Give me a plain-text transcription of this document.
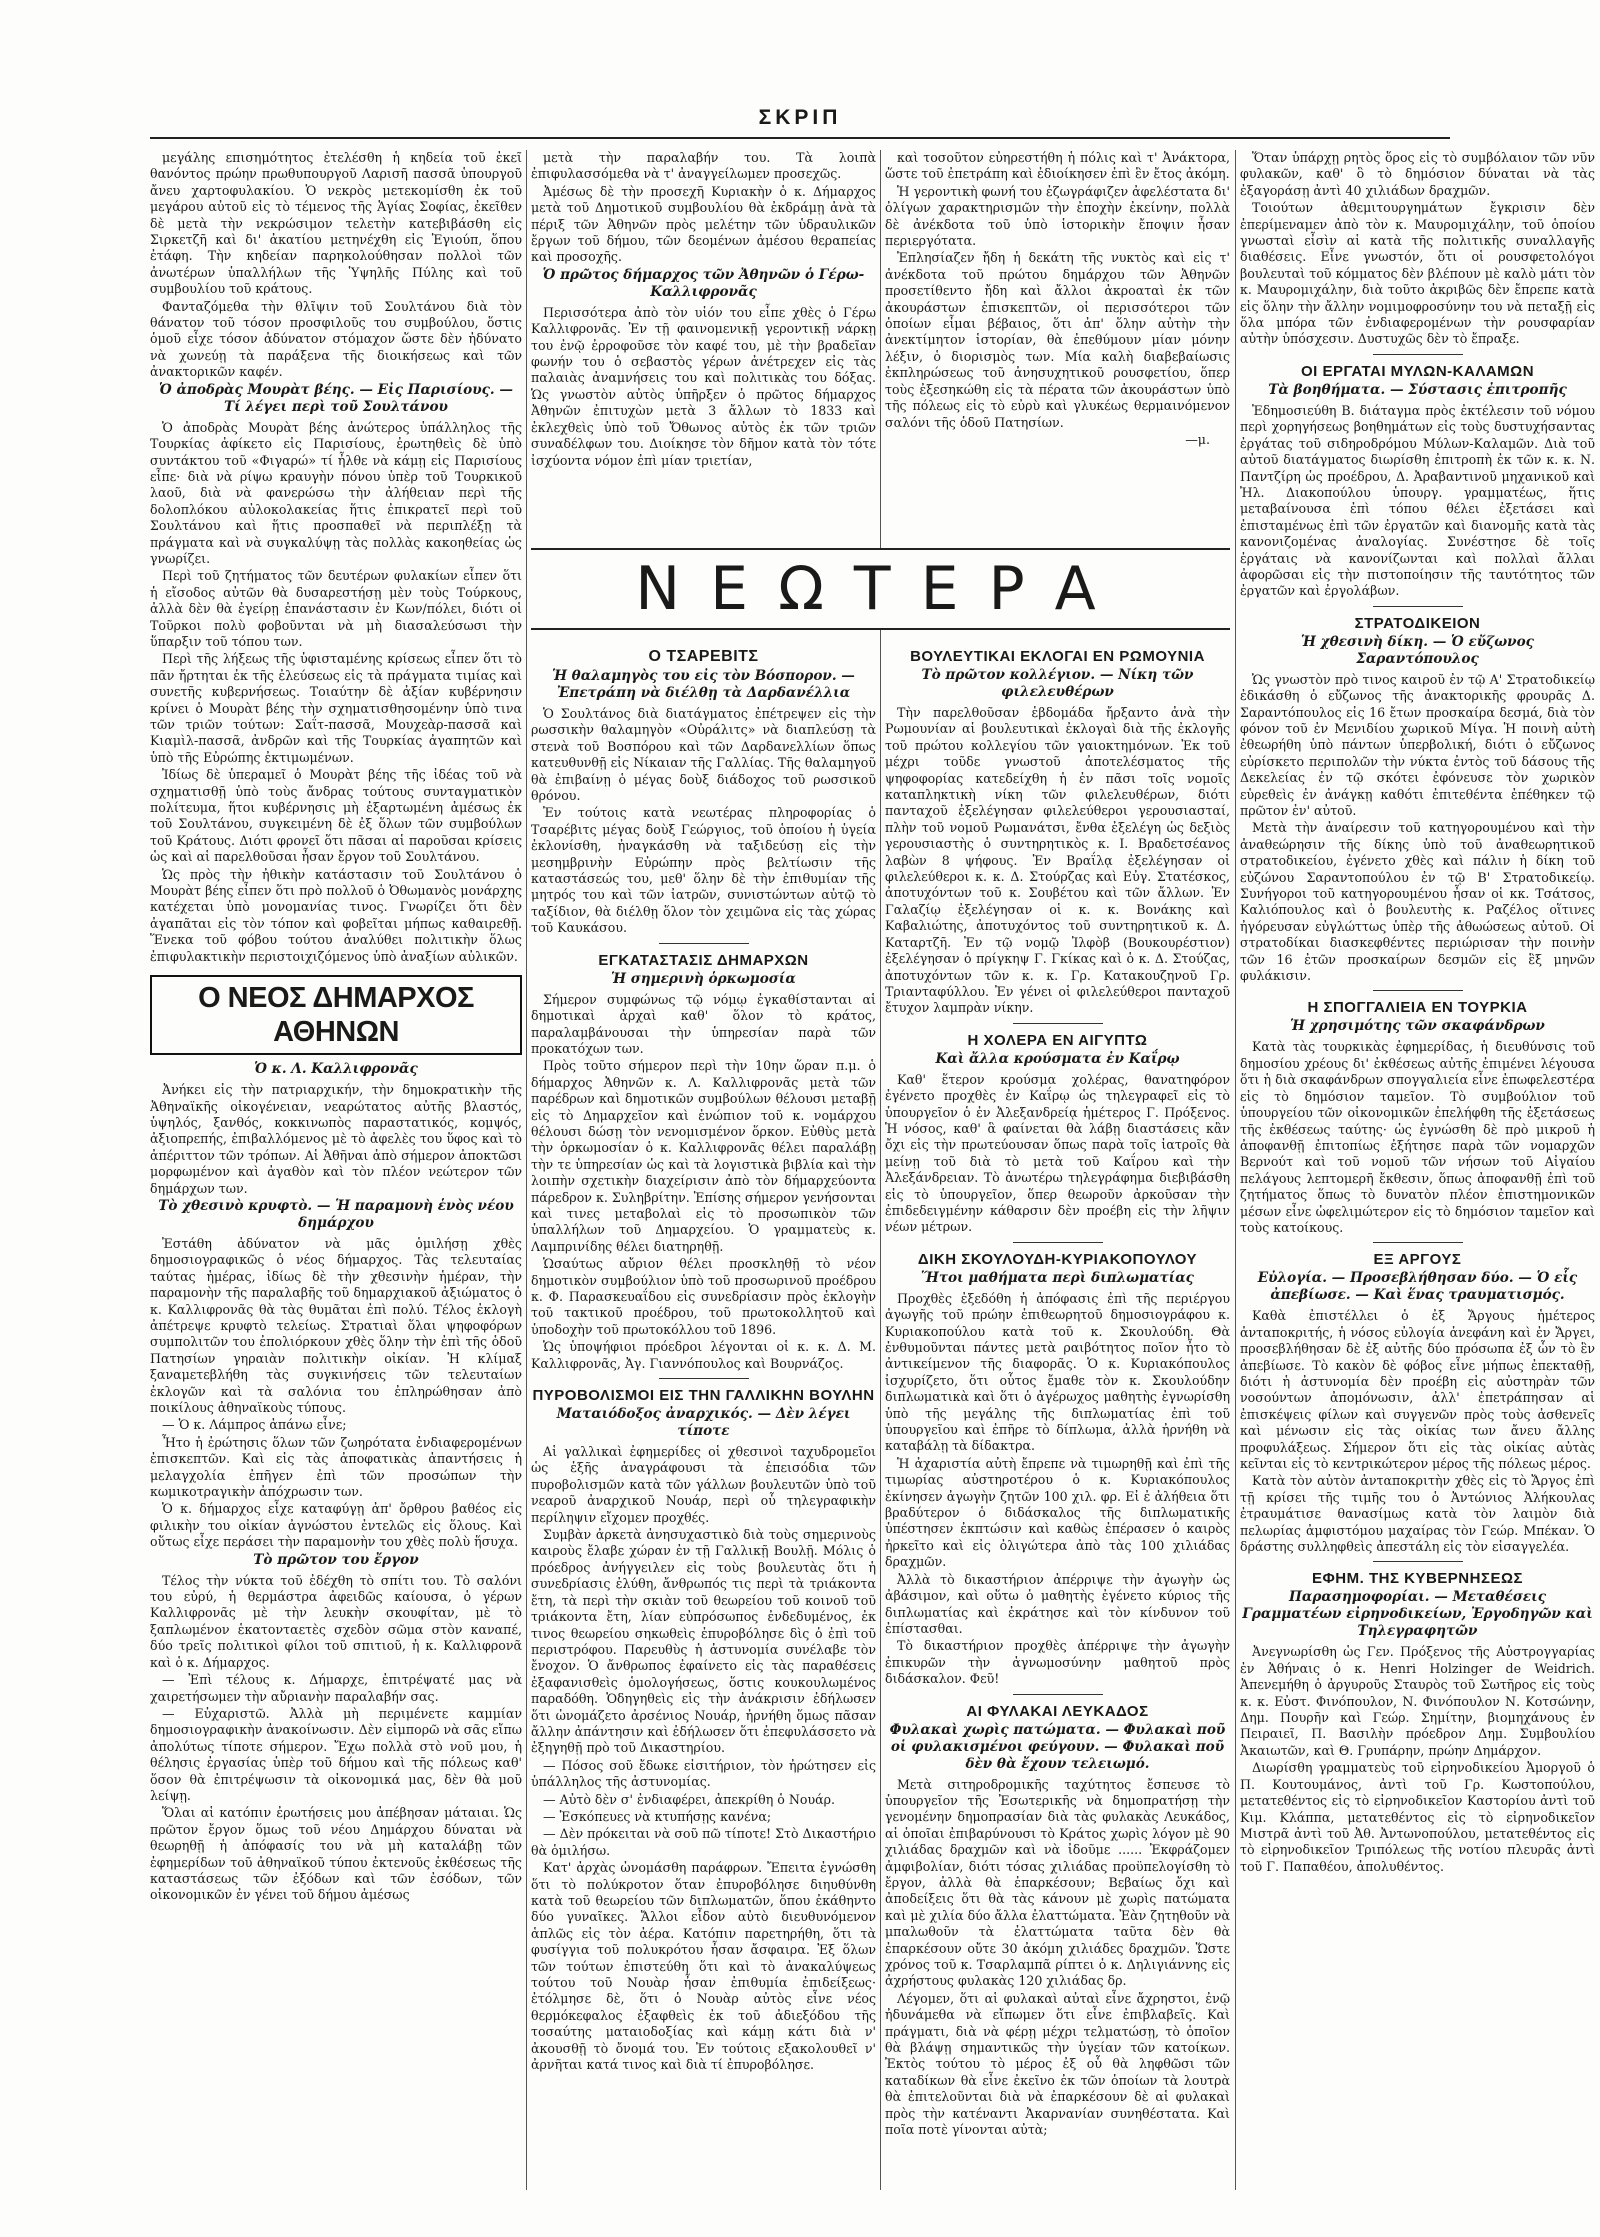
ΣΚΡΙΠ

μεγάλης επισημότητος ἐτελέσθη ἡ κηδεία τοῦ ἐκεῖ θανόντος πρώην πρωθυπουργοῦ Λαρισῆ πασσᾶ ὑπουργοῦ ἄνευ χαρτοφυλακίου. Ὁ νεκρὸς μετεκομίσθη ἐκ τοῦ μεγάρου αὐτοῦ εἰς τὸ τέμενος τῆς Ἁγίας Σοφίας, ἐκεῖθεν δὲ μετὰ τὴν νεκρώσιμον τελετὴν κατεβιβάσθη εἰς Σιρκετζῆ καὶ δι' ἀκατίου μετηνέχθη εἰς Ἐγιούπ, ὅπου ἐτάφη. Τὴν κηδείαν παρηκολούθησαν πολλοὶ τῶν ἀνωτέρων ὑπαλλήλων τῆς Ὑψηλῆς Πύλης καὶ τοῦ συμβουλίου τοῦ κράτους.

Φανταζόμεθα τὴν θλῖψιν τοῦ Σουλτάνου διὰ τὸν θάνατον τοῦ τόσον προσφιλοῦς του συμβούλου, ὅστις ὁμοῦ εἶχε τόσον ἀδύνατον στόμαχον ὥστε δὲν ἠδύνατο νὰ χωνεύῃ τὰ παράξενα τῆς διοικήσεως καὶ τῶν ἀνακτορικῶν καφέν.

Ὁ ἀποδρὰς Μουρὰτ βέης. — Εἰς Παρισίους. — Τί λέγει περὶ τοῦ Σουλτάνου

Ὁ ἀποδρὰς Μουρὰτ βέης ἀνώτερος ὑπάλληλος τῆς Τουρκίας ἀφίκετο εἰς Παρισίους, ἐρωτηθεὶς δὲ ὑπὸ συντάκτου τοῦ «Φιγαρώ» τί ἦλθε νὰ κάμῃ εἰς Παρισίους εἶπε· διὰ νὰ ρίψω κραυγὴν πόνου ὑπὲρ τοῦ Τουρκικοῦ λαοῦ, διὰ νὰ φανερώσω τὴν ἀλήθειαν περὶ τῆς δολοπλόκου αὐλοκολακείας ἥτις ἐπικρατεῖ περὶ τοῦ Σουλτάνου καὶ ἥτις προσπαθεῖ νὰ περιπλέξῃ τὰ πράγματα καὶ νὰ συγκαλύψῃ τὰς πολλὰς κακοηθείας ὡς γνωρίζει.

Περὶ τοῦ ζητήματος τῶν δευτέρων φυλακίων εἶπεν ὅτι ἡ εἴσοδος αὐτῶν θὰ δυσαρεστήσῃ μὲν τοὺς Τούρκους, ἀλλὰ δὲν θὰ ἐγείρῃ ἐπανάστασιν ἐν Κων/πόλει, διότι οἱ Τοῦρκοι πολὺ φοβοῦνται νὰ μὴ διασαλεύσωσι τὴν ὕπαρξιν τοῦ τόπου των.

Περὶ τῆς λήξεως τῆς ὑφισταμένης κρίσεως εἶπεν ὅτι τὸ πᾶν ἤρτηται ἐκ τῆς ἐλεύσεως εἰς τὰ πράγματα τιμίας καὶ συνετῆς κυβερνήσεως. Τοιαύτην δὲ ἀξίαν κυβέρνησιν κρίνει ὁ Μουρὰτ βέης τὴν σχηματισθησομένην ὑπὸ τινα τῶν τριῶν τούτων: Σαΐτ-πασσᾶ, Μουχεὰρ-πασσᾶ καὶ Κιαμὶλ-πασσᾶ, ἀνδρῶν καὶ τῆς Τουρκίας ἀγαπητῶν καὶ ὑπὸ τῆς Εὐρώπης ἐκτιμωμένων.

Ἰδίως δὲ ὑπεραμεῖ ὁ Μουρὰτ βέης τῆς ἰδέας τοῦ νὰ σχηματισθῇ ὑπὸ τοὺς ἄνδρας τούτους συνταγματικὸν πολίτευμα, ἥτοι κυβέρνησις μὴ ἐξαρτωμένη ἀμέσως ἐκ τοῦ Σουλτάνου, συγκειμένη δὲ ἐξ ὅλων τῶν συμβούλων τοῦ Κράτους. Διότι φρονεῖ ὅτι πᾶσαι αἱ παροῦσαι κρίσεις ὡς καὶ αἱ παρελθοῦσαι ἦσαν ἔργον τοῦ Σουλτάνου.

Ὡς πρὸς τὴν ἠθικὴν κατάστασιν τοῦ Σουλτάνου ὁ Μουρὰτ βέης εἶπεν ὅτι πρὸ πολλοῦ ὁ Ὀθωμανὸς μονάρχης κατέχεται ὑπὸ μονομανίας τινος. Γνωρίζει ὅτι δὲν ἀγαπᾶται εἰς τὸν τόπον καὶ φοβεῖται μήπως καθαιρεθῇ. Ἕνεκα τοῦ φόβου τούτου ἀναλύθει πολιτικὴν ὅλως ἐπιφυλακτικὴν περιστοιχιζόμενος ὑπὸ ἀναξίων αὐλικῶν.

Ο ΝΕΟΣ ΔΗΜΑΡΧΟΣ ΑΘΗΝΩΝ
Ὁ κ. Λ. Καλλιφρονᾶς

Ἀνήκει εἰς τὴν πατριαρχικήν, τὴν δημοκρατικὴν τῆς Ἀθηναϊκῆς οἰκογένειαν, νεαρώτατος αὐτῆς βλαστός, ὑψηλός, ξανθός, κοκκινωπὸς παραστατικός, κομψός, ἀξιοπρεπής, ἐπιβαλλόμενος μὲ τὸ ἀφελὲς του ὕφος καὶ τὸ ἀπέριττον τῶν τρόπων. Αἱ Ἀθῆναι ἀπὸ σήμερον ἀποκτῶσι μορφωμένον καὶ ἀγαθὸν καὶ τὸν πλέον νεώτερον τῶν δημάρχων των.

Τὸ χθεσινὸ κρυφτὸ. — Ἡ παραμονὴ ἑνὸς νέου δημάρχου

Ἐστάθη ἀδύνατον νὰ μᾶς ὁμιλήσῃ χθὲς δημοσιογραφικῶς ὁ νέος δήμαρχος. Τὰς τελευταίας ταύτας ἡμέρας, ἰδίως δὲ τὴν χθεσινὴν ἡμέραν, τὴν παραμονὴν τῆς παραλαβῆς τοῦ δημαρχιακοῦ ἀξιώματος ὁ κ. Καλλιφρονᾶς θὰ τὰς θυμᾶται ἐπὶ πολύ. Τέλος ἐκλογὴ ἀπέτρεψε κρυφτὸ τελείως. Στρατιαὶ ὅλαι ψηφοφόρων συμπολιτῶν του ἐπολιόρκουν χθὲς ὅλην τὴν ἐπὶ τῆς ὁδοῦ Πατησίων γηραιὰν πολιτικὴν οἰκίαν. Ἡ κλίμαξ ξαναμετεβλήθη τὰς συγκινήσεις τῶν τελευταίων ἐκλογῶν καὶ τὰ σαλόνια του ἐπληρώθησαν ἀπὸ ποικίλους ἀθηναϊκοὺς τύπους.

— Ὁ κ. Λάμπρος ἀπάνω εἶνε;

Ἦτο ἡ ἐρώτησις ὅλων τῶν ζωηρότατα ἐνδιαφερομένων ἐπισκεπτῶν. Καὶ εἰς τὰς ἀποφατικὰς ἀπαντήσεις ἡ μελαγχολία ἐπῆγεν ἐπὶ τῶν προσώπων τὴν κωμικοτραγικὴν ἀπόχρωσιν των.

Ὁ κ. δήμαρχος εἶχε καταφύγῃ ἀπ' ὄρθρου βαθέος εἰς φιλικὴν του οἰκίαν ἀγνώστου ἐντελῶς εἰς ὅλους. Καὶ οὕτως εἶχε περάσει τὴν παραμονὴν του χθὲς πολὺ ἥσυχα.

Τὸ πρῶτον του ἔργον

Τέλος τὴν νύκτα τοῦ ἐδέχθη τὸ σπίτι του. Τὸ σαλόνι του εὐρύ, ἡ θερμάστρα ἀφειδῶς καίουσα, ὁ γέρων Καλλιφρονᾶς μὲ τὴν λευκὴν σκουφίταν, μὲ τὸ ξαπλωμένον ἑκατονταετὲς σχεδὸν σῶμα στὸν καναπέ, δύο τρεῖς πολιτικοὶ φίλοι τοῦ σπιτιοῦ, ἡ κ. Καλλιφρονᾶ καὶ ὁ κ. Δήμαρχος.

— Ἐπὶ τέλους κ. Δήμαρχε, ἐπιτρέψατέ μας νὰ χαιρετήσωμεν τὴν αὔριανὴν παραλαβήν σας.

— Εὐχαριστῶ. Ἀλλὰ μὴ περιμένετε καμμίαν δημοσιογραφικὴν ἀνακοίνωσιν. Δὲν εἰμπορῶ νὰ σᾶς εἴπω ἀπολύτως τίποτε σήμερον. Ἔχω πολλὰ στὸ νοῦ μου, ἡ θέλησις ἐργασίας ὑπὲρ τοῦ δήμου καὶ τῆς πόλεως καθ' ὅσον θὰ ἐπιτρέψωσιν τὰ οἰκονομικά μας, δὲν θὰ μοῦ λείψῃ.

Ὅλαι αἱ κατόπιν ἐρωτήσεις μου ἀπέβησαν μάταιαι. Ὡς πρῶτον ἔργον ὅμως τοῦ νέου Δημάρχου δύναται νὰ θεωρηθῇ ἡ ἀπόφασίς του νὰ μὴ καταλάβῃ τῶν ἐφημερίδων τοῦ ἀθηναϊκοῦ τύπου ἐκτενοῦς ἐκθέσεως τῆς καταστάσεως τῶν ἐξόδων καὶ τῶν ἐσόδων, τῶν οἰκονομικῶν ἐν γένει τοῦ δήμου ἀμέσως

μετὰ τὴν παραλαβήν του. Τὰ λοιπὰ ἐπιφυλασσόμεθα νὰ τ' ἀναγγείλωμεν προσεχῶς.

Ἀμέσως δὲ τὴν προσεχῆ Κυριακὴν ὁ κ. Δήμαρχος μετὰ τοῦ Δημοτικοῦ συμβουλίου θὰ ἐκδράμῃ ἀνὰ τὰ πέριξ τῶν Ἀθηνῶν πρὸς μελέτην τῶν ὑδραυλικῶν ἔργων τοῦ δήμου, τῶν δεομένων ἀμέσου θεραπείας καὶ προσοχῆς.

Ὁ πρῶτος δήμαρχος τῶν Ἀθηνῶν ὁ Γέρω-Καλλιφρονᾶς

Περισσότερα ἀπὸ τὸν υἱόν του εἶπε χθὲς ὁ Γέρω Καλλιφρονᾶς. Ἐν τῇ φαινομενικῇ γεροντικῇ νάρκῃ του ἐνῷ ἐρροφοῦσε τὸν καφέ του, μὲ τὴν βραδεῖαν φωνήν του ὁ σεβαστὸς γέρων ἀνέτρεχεν εἰς τὰς παλαιὰς ἀναμνήσεις του καὶ πολιτικὰς του δόξας. Ὡς γνωστὸν αὐτὸς ὑπῆρξεν ὁ πρῶτος δήμαρχος Ἀθηνῶν ἐπιτυχὼν μετὰ 3 ἄλλων τὸ 1833 καὶ ἐκλεχθεὶς ὑπὸ τοῦ Ὄθωνος αὐτὸς ἐκ τῶν τριῶν συναδέλφων του. Διοίκησε τὸν δῆμον κατὰ τὸν τότε ἰσχύοντα νόμον ἐπὶ μίαν τριετίαν,

καὶ τοσοῦτον εὐηρεστήθη ἡ πόλις καὶ τ' Ἀνάκτορα, ὥστε τοῦ ἐπετράπη καὶ ἐδιοίκησεν ἐπὶ ἓν ἔτος ἀκόμη.

Ἡ γεροντικὴ φωνή του ἐζωγράφιζεν ἀφελέστατα δι' ὀλίγων χαρακτηρισμῶν τὴν ἐποχὴν ἐκείνην, πολλὰ δὲ ἀνέκδοτα τοῦ ὑπὸ ἱστορικὴν ἔποψιν ἦσαν περιεργότατα.

Ἐπλησίαζεν ἤδη ἡ δεκάτη τῆς νυκτὸς καὶ εἰς τ' ἀνέκδοτα τοῦ πρώτου δημάρχου τῶν Ἀθηνῶν προσετίθεντο ἤδη καὶ ἄλλοι ἀκροαταὶ ἐκ τῶν ἀκουράστων ἐπισκεπτῶν, οἱ περισσότεροι τῶν ὁποίων εἶμαι βέβαιος, ὅτι ἀπ' ὅλην αὐτὴν τὴν ἀνεκτίμητον ἱστορίαν, θὰ ἐπεθύμουν μίαν μόνην λέξιν, ὁ διορισμὸς των. Μία καλὴ διαβεβαίωσις ἐκπληρώσεως τοῦ ἀνησυχητικοῦ ρουσφετίου, ὅπερ τοὺς ἐξεσηκώθη εἰς τὰ πέρατα τῶν ἀκουράστων ὑπὸ τῆς πόλεως εἰς τὸ εὐρὺ καὶ γλυκέως θερμαινόμενον σαλόνι τῆς ὁδοῦ Πατησίων.

—μ.
ΝΕΩΤΕΡΑ
Ο ΤΣΑΡΕΒΙΤΣ
Ἡ θαλαμηγὸς του εἰς τὸν Βόσπορον. — Ἐπετράπη νὰ διέλθῃ τὰ Δαρδανέλλια

Ὁ Σουλτάνος διὰ διατάγματος ἐπέτρεψεν εἰς τὴν ρωσσικὴν θαλαμηγὸν «Οὐράλιτς» νὰ διαπλεύσῃ τὰ στενὰ τοῦ Βοσπόρου καὶ τῶν Δαρδανελλίων ὅπως κατευθυνθῇ εἰς Νίκαιαν τῆς Γαλλίας. Τῆς θαλαμηγοῦ θὰ ἐπιβαίνῃ ὁ μέγας δοὺξ διάδοχος τοῦ ρωσσικοῦ θρόνου.

Ἐν τούτοις κατὰ νεωτέρας πληροφορίας ὁ Τσαρέβιτς μέγας δοὺξ Γεώργιος, τοῦ ὁποίου ἡ ὑγεία ἐκλονίσθη, ἠναγκάσθη νὰ ταξιδεύσῃ εἰς τὴν μεσημβρινὴν Εὐρώπην πρὸς βελτίωσιν τῆς καταστάσεώς του, μεθ' ὅλην δὲ τὴν ἐπιθυμίαν τῆς μητρός του καὶ τῶν ἰατρῶν, συνιστώντων αὐτῷ τὸ ταξίδιον, θὰ διέλθῃ ὅλον τὸν χειμῶνα εἰς τὰς χώρας τοῦ Καυκάσου.

ΕΓΚΑΤΑΣΤΑΣΙΣ ΔΗΜΑΡΧΩΝ
Ἡ σημερινὴ ὁρκωμοσία

Σήμερον συμφώνως τῷ νόμῳ ἐγκαθίστανται αἱ δημοτικαὶ ἀρχαὶ καθ' ὅλον τὸ κράτος, παραλαμβάνουσαι τὴν ὑπηρεσίαν παρὰ τῶν προκατόχων των.

Πρὸς τοῦτο σήμερον περὶ τὴν 10ην ὥραν π.μ. ὁ δήμαρχος Ἀθηνῶν κ. Λ. Καλλιφρονᾶς μετὰ τῶν παρέδρων καὶ δημοτικῶν συμβούλων θέλουσι μεταβῇ εἰς τὸ Δημαρχεῖον καὶ ἐνώπιον τοῦ κ. νομάρχου θέλουσι δώσῃ τὸν νενομισμένον ὅρκον. Εὐθὺς μετὰ τὴν ὁρκωμοσίαν ὁ κ. Καλλιφρονᾶς θέλει παραλάβῃ τὴν τε ὑπηρεσίαν ὡς καὶ τὰ λογιστικὰ βιβλία καὶ τὴν λοιπὴν σχετικὴν διαχείρισιν ἀπὸ τὸν δήμαρχεύοντα πάρεδρον κ. Συληβρίτην. Ἐπίσης σήμερον γενήσονται καὶ τινες μεταβολαὶ εἰς τὸ προσωπικὸν τῶν ὑπαλλήλων τοῦ Δημαρχείου. Ὁ γραμματεὺς κ. Λαμπρινίδης θέλει διατηρηθῇ.

Ὡσαύτως αὔριον θέλει προσκληθῇ τὸ νέον δημοτικὸν συμβούλιον ὑπὸ τοῦ προσωρινοῦ προέδρου κ. Φ. Παρασκευαΐδου εἰς συνεδρίασιν πρὸς ἐκλογὴν τοῦ τακτικοῦ προέδρου, τοῦ πρωτοκολλητοῦ καὶ ὑποδοχὴν τοῦ πρωτοκόλλου τοῦ 1896.

Ὡς ὑποψήφιοι πρόεδροι λέγονται οἱ κ. κ. Δ. Μ. Καλλιφρονᾶς, Ἀγ. Γιαννόπουλος καὶ Βουρνάζος.

ΠΥΡΟΒΟΛΙΣΜΟΙ ΕΙΣ ΤΗΝ ΓΑΛΛΙΚΗΝ ΒΟΥΛΗΝ
Ματαιόδοξος ἀναρχικός. — Δὲν λέγει τίποτε

Αἱ γαλλικαὶ ἐφημερίδες οἱ χθεσινοὶ ταχυδρομεῖοι ὡς ἑξῆς ἀναγράφουσι τὰ ἐπεισόδια τῶν πυροβολισμῶν κατὰ τῶν γάλλων βουλευτῶν ὑπὸ τοῦ νεαροῦ ἀναρχικοῦ Νουάρ, περὶ οὗ τηλεγραφικὴν περίληψιν εἴχομεν προχθές.

Συμβὰν ἀρκετὰ ἀνησυχαστικὸ διὰ τοὺς σημερινοὺς καιροὺς ἔλαβε χώραν ἐν τῇ Γαλλικῇ Βουλῇ. Μόλις ὁ πρόεδρος ἀνήγγειλεν εἰς τοὺς βουλευτὰς ὅτι ἡ συνεδρίασις ἐλύθη, ἄνθρωπός τις περὶ τὰ τριάκοντα ἔτη, τὰ περὶ τὴν σκιὰν τοῦ θεωρείου τοῦ κοινοῦ τοῦ τριάκοντα ἔτη, λίαν εὐπρόσωπος ἐνδεδυμένος, ἐκ τινος θεωρείου σηκωθεὶς ἐπυροβόλησε δὶς ὁ ἐπὶ τοῦ περιστρόφου. Παρευθὺς ἡ ἀστυνομία συνέλαβε τὸν ἔνοχον. Ὁ ἄνθρωπος ἐφαίνετο εἰς τὰς παραθέσεις ἐξαφανισθεὶς ὁμολογήσεως, ὅστις κουκουλωμένος παραδόθη. Ὁδηγηθεὶς εἰς τὴν ἀνάκρισιν ἐδήλωσεν ὅτι ὠνομάζετο ἀρσένιος Νουάρ, ἠρνήθη ὅμως πᾶσαν ἄλλην ἀπάντησιν καὶ ἐδήλωσεν ὅτι ἐπεφυλάσσετο νὰ ἐξηγηθῇ πρὸ τοῦ Δικαστηρίου.

— Πόσος σοῦ ἔδωκε εἰσιτήριον, τὸν ἠρώτησεν εἰς ὑπάλληλος τῆς ἀστυνομίας.

— Αὐτὸ δὲν σ' ἐνδιαφέρει, ἀπεκρίθη ὁ Νουάρ.

— Ἐσκόπευες νὰ κτυπήσῃς κανένα;

— Δὲν πρόκειται νὰ σοῦ πῶ τίποτε! Στὸ Δικαστήριο θὰ ὁμιλήσω.

Κατ' ἀρχὰς ὠνομάσθη παράφρων. Ἔπειτα ἐγνώσθη ὅτι τὸ πολύκροτον ὅταν ἐπυροβόλησε διηυθύνθη κατὰ τοῦ θεωρείου τῶν διπλωματῶν, ὅπου ἐκάθηντο δύο γυναῖκες. Ἄλλοι εἶδον αὐτὸ διευθυνόμενον ἁπλῶς εἰς τὸν ἀέρα. Κατόπιν παρετηρήθη, ὅτι τὰ φυσίγγια τοῦ πολυκρότου ἦσαν ἄσφαιρα. Ἐξ ὅλων τῶν τούτων ἐπιστεύθη ὅτι καὶ τὸ ἀνακαλύψεως τούτου τοῦ Νουὰρ ἦσαν ἐπιθυμία ἐπιδείξεως· ἐτόλμησε δὲ, ὅτι ὁ Νουὰρ αὐτὸς εἶνε νέος θερμόκεφαλος ἐξαφθεὶς ἐκ τοῦ ἀδιεξόδου τῆς τοσαύτης ματαιοδοξίας καὶ κάμῃ κάτι διὰ ν' ἀκουσθῇ τὸ ὄνομά του. Ἐν τούτοις εξακολουθεῖ ν' ἀρνῆται κατά τινος καὶ διὰ τί ἐπυροβόλησε.

ΒΟΥΛΕΥΤΙΚΑΙ ΕΚΛΟΓΑΙ ΕΝ ΡΩΜΟΥΝΙΑ
Τὸ πρῶτον κολλέγιον. — Νίκη τῶν φιλελευθέρων

Τὴν παρελθοῦσαν ἑβδομάδα ἤρξαντο ἀνὰ τὴν Ρωμουνίαν αἱ βουλευτικαὶ ἐκλογαὶ διὰ τῆς ἐκλογῆς τοῦ πρώτου κολλεγίου τῶν γαιοκτημόνων. Ἐκ τοῦ μέχρι τοῦδε γνωστοῦ ἀποτελέσματος τῆς ψηφοφορίας κατεδείχθη ἡ ἐν πᾶσι τοῖς νομοῖς καταπληκτικὴ νίκη τῶν φιλελευθέρων, διότι πανταχοῦ ἐξελέγησαν φιλελεύθεροι γερουσιασταί, πλὴν τοῦ νομοῦ Ρωμανάτσι, ἔνθα ἐξελέγη ὡς δεξιὸς γερουσιαστὴς ὁ συντηρητικὸς κ. Ι. Βραδετσέανος λαβὼν 8 ψήφους. Ἐν Βραΐλᾳ ἐξελέγησαν οἱ φιλελεύθεροι κ. κ. Δ. Στούρζας καὶ Εὐγ. Στατέσκος, ἀποτυχόντων τοῦ κ. Σουβέτου καὶ τῶν ἄλλων. Ἐν Γαλαζίῳ ἐξελέγησαν οἱ κ. κ. Βονάκης καὶ Καβαλιώτης, ἀποτυχόντος τοῦ συντηρητικοῦ κ. Δ. Καταρτζῆ. Ἐν τῷ νομῷ Ἰλφὸβ (Βουκουρέστιον) ἐξελέγησαν ὁ πρίγκηψ Γ. Γκίκας καὶ ὁ κ. Δ. Στούζας, ἀποτυχόντων τῶν κ. κ. Γρ. Κατακουζηνοῦ Γρ. Τριανταφύλλου. Ἐν γένει οἱ φιλελεύθεροι πανταχοῦ ἔτυχον λαμπρὰν νίκην.

Η ΧΟΛΕΡΑ ΕΝ ΑΙΓΥΠΤΩ
Καὶ ἄλλα κρούσματα ἐν Καΐρῳ

Καθ' ἕτερον κρούσμα χολέρας, θανατηφόρον ἐγένετο προχθὲς ἐν Καΐρῳ ὡς τηλεγραφεῖ εἰς τὸ ὑπουργεῖον ὁ ἐν Ἀλεξανδρείᾳ ἡμέτερος Γ. Πρόξενος. Ἡ νόσος, καθ' ἃ φαίνεται θὰ λάβῃ διαστάσεις κἂν ὄχι εἰς τὴν πρωτεύουσαν ὅπως παρὰ τοῖς ἰατροῖς θὰ μείνῃ τοῦ διὰ τὸ μετὰ τοῦ Καΐρου καὶ τὴν Ἀλεξάνδρειαν. Τὸ ἀνωτέρω τηλεγράφημα διεβιβάσθη εἰς τὸ ὑπουργεῖον, ὅπερ θεωροῦν ἀρκοῦσαν τὴν ἐπιδεδειγμένην κάθαρσιν δὲν προέβη εἰς τὴν λῆψιν νέων μέτρων.

ΔΙΚΗ ΣΚΟΥΛΟΥΔΗ-ΚΥΡΙΑΚΟΠΟΥΛΟΥ
Ἥτοι μαθήματα περὶ διπλωματίας

Προχθὲς ἐξεδόθη ἡ ἀπόφασις ἐπὶ τῆς περιέργου ἀγωγῆς τοῦ πρώην ἐπιθεωρητοῦ δημοσιογράφου κ. Κυριακοπούλου κατὰ τοῦ κ. Σκουλούδη. Θὰ ἐνθυμοῦνται πάντες μετὰ ραιβότητος ποῖον ἦτο τὸ ἀντικείμενον τῆς διαφορᾶς. Ὁ κ. Κυριακόπουλος ἰσχυρίζετο, ὅτι οὗτος ἔμαθε τὸν κ. Σκουλούδην διπλωματικὰ καὶ ὅτι ὁ ἀγέρωχος μαθητὴς ἐγνωρίσθη ὑπὸ τῆς μεγάλης τῆς διπλωματίας ἐπὶ τοῦ ὑπουργεῖου καὶ ἐπῆρε τὸ δίπλωμα, ἀλλὰ ἠρνήθη νὰ καταβάλῃ τὰ δίδακτρα.

Ἡ ἀχαριστία αὐτὴ ἔπρεπε νὰ τιμωρηθῇ καὶ ἐπὶ τῆς τιμωρίας αὐστηροτέρου ὁ κ. Κυριακόπουλος ἐκίνησεν ἀγωγὴν ζητῶν 100 χιλ. φρ. Εἰ ἐ ἀλήθεια ὅτι βραδύτερον ὁ διδάσκαλος τῆς διπλωματικῆς ὑπέστησεν ἐκπτώσιν καὶ καθὼς ἐπέρασεν ὁ καιρὸς ἠρκεῖτο καὶ εἰς ὀλιγώτερα ἀπὸ τὰς 100 χιλιάδας δραχμῶν.

Ἀλλὰ τὸ δικαστήριον ἀπέρριψε τὴν ἀγωγὴν ὡς ἀβάσιμον, καὶ οὕτω ὁ μαθητὴς ἐγένετο κύριος τῆς διπλωματίας καὶ ἐκράτησε καὶ τὸν κίνδυνον τοῦ ἐπίστασθαι.

Τὸ δικαστήριον προχθὲς ἀπέρριψε τὴν ἀγωγὴν ἐπικυρῶν τὴν ἀγνωμοσύνην μαθητοῦ πρὸς διδάσκαλον. Φεῦ!

ΑΙ ΦΥΛΑΚΑΙ ΛΕΥΚΑΔΟΣ
Φυλακαὶ χωρὶς πατώματα. — Φυλακαὶ ποῦ οἱ φυλακισμένοι φεύγουν. — Φυλακαὶ ποῦ δὲν θὰ ἔχουν τελειωμό.

Μετὰ σιτηροδρομικῆς ταχύτητος ἔσπευσε τὸ ὑπουργεῖον τῆς Ἐσωτερικῆς νὰ δημοπρατήσῃ τὴν γενομένην δημοπρασίαν διὰ τὰς φυλακὰς Λευκάδος, αἱ ὁποῖαι ἐπιβαρύνουσι τὸ Κράτος χωρὶς λόγον μὲ 90 χιλιάδας δραχμῶν καὶ νὰ ἰδοῦμε ...... Ἐκφράζομεν ἀμφιβολίαν, διότι τόσας χιλιάδας προϋπελογίσθη τὸ ἔργον, ἀλλὰ θὰ ἐπαρκέσουν; Βεβαίως ὄχι καὶ ἀποδείξεις ὅτι θὰ τὰς κάνουν μὲ χωρὶς πατώματα καὶ μὲ χιλία δύο ἄλλα ἐλαττώματα. Ἐὰν ζητηθοῦν νὰ μπαλωθοῦν τὰ ἐλαττώματα ταῦτα δὲν θὰ ἐπαρκέσουν οὔτε 30 ἀκόμη χιλιάδες δραχμῶν. Ὥστε χρόνος τοῦ κ. Τσαρλαμπᾶ ρίπτει ὁ κ. Δηλιγιάννης εἰς ἀχρήστους φυλακὰς 120 χιλιάδας δρ.

Λέγομεν, ὅτι αἱ φυλακαὶ αὐταὶ εἶνε ἄχρηστοι, ἐνῷ ἠδυνάμεθα νὰ εἴπωμεν ὅτι εἶνε ἐπιβλαβεῖς. Καὶ πράγματι, διὰ νὰ φέρῃ μέχρι τελματώσῃ, τὸ ὁποῖον θὰ βλάψῃ σημαντικῶς τὴν ὑγείαν τῶν κατοίκων. Ἐκτὸς τούτου τὸ μέρος ἐξ οὗ θὰ ληφθῶσι τῶν καταδίκων θὰ εἶνε ἐκεῖνο ἐκ τῶν ὁποίων τὰ λουτρὰ θὰ ἐπιτελοῦνται διὰ νὰ ἐπαρκέσουν δὲ αἱ φυλακαὶ πρὸς τὴν κατέναντι Ἀκαρνανίαν συνηθέστατα. Καὶ ποῖα ποτὲ γίνονται αὐτὰ;

Ὅταν ὑπάρχῃ ρητὸς ὅρος εἰς τὸ συμβόλαιον τῶν νῦν φυλακῶν, καθ' ὃ τὸ δημόσιον δύναται νὰ τὰς ἐξαγοράσῃ ἀντὶ 40 χιλιάδων δραχμῶν.

Τοιούτων ἀθεμιτουργημάτων ἔγκρισιν δὲν ἐπερίμεναμεν ἀπὸ τὸν κ. Μαυρομιχάλην, τοῦ ὁποίου γνωσταὶ εἶσὶν αἱ κατὰ τῆς πολιτικῆς συναλλαγῆς διαθέσεις. Εἶνε γνωστόν, ὅτι οἱ ρουσφετολόγοι βουλευταὶ τοῦ κόμματος δὲν βλέπουν μὲ καλὸ μάτι τὸν κ. Μαυρομιχάλην, διὰ τοῦτο ἀκριβῶς δὲν ἔπρεπε κατὰ εἰς ὅλην τὴν ἄλλην νομιμοφροσύνην του νὰ πεταξῇ εἰς ὅλα μπόρα τῶν ἐνδιαφερομένων τὴν ρουσφαρίαν αὐτὴν ὑπόσχεσιν. Δυστυχῶς δὲν τὸ ἔπραξε.

ΟΙ ΕΡΓΑΤΑΙ ΜΥΛΩΝ-ΚΑΛΑΜΩΝ
Τὰ βοηθήματα. — Σύστασις ἐπιτροπῆς

Ἐδημοσιεύθη Β. διάταγμα πρὸς ἐκτέλεσιν τοῦ νόμου περὶ χορηγήσεως βοηθημάτων εἰς τοὺς δυστυχήσαντας ἐργάτας τοῦ σιδηροδρόμου Μύλων-Καλαμῶν. Διὰ τοῦ αὐτοῦ διατάγματος διωρίσθη ἐπιτροπὴ ἐκ τῶν κ. κ. Ν. Παντζίρη ὡς προέδρου, Δ. Ἀραβαντινοῦ μηχανικοῦ καὶ Ἠλ. Διακοπούλου ὑπουργ. γραμματέως, ἥτις μεταβαίνουσα ἐπὶ τόπου θέλει ἐξετάσει καὶ ἐπισταμένως ἐπὶ τῶν ἐργατῶν καὶ διανομῆς κατὰ τὰς κανονιζομένας ἀναλογίας. Συνέστησε δὲ τοῖς ἐργάταις νὰ κανονίζωνται καὶ πολλαὶ ἄλλαι ἀφορῶσαι εἰς τὴν πιστοποίησιν τῆς ταυτότητος τῶν ἐργατῶν καὶ ἐργολάβων.

ΣΤΡΑΤΟΔΙΚΕΙΟΝ
Ἡ χθεσινὴ δίκη. — Ὁ εὔζωνος Σαραντόπουλος

Ὡς γνωστὸν πρὸ τινος καιροῦ ἐν τῷ Α' Στρατοδικείῳ ἐδικάσθη ὁ εὔζωνος τῆς ἀνακτορικῆς φρουρᾶς Δ. Σαραντόπουλος εἰς 16 ἔτων προσκαίρα δεσμά, διὰ τὸν φόνον τοῦ ἐν Μενιδίου χωρικοῦ Μίγα. Ἡ ποινὴ αὐτὴ ἐθεωρήθη ὑπὸ πάντων ὑπερβολική, διότι ὁ εὔζωνος εὐρίσκετο περιπολῶν τὴν νύκτα ἐντὸς τοῦ δάσους τῆς Δεκελείας ἐν τῷ σκότει ἐφόνευσε τὸν χωρικὸν εὑρεθεὶς ἐν ἀνάγκῃ καθότι ἐπιτεθέντα ἐπέθηκεν τῷ πρῶτον ἐν' αὐτοῦ.

Μετὰ τὴν ἀναίρεσιν τοῦ κατηγορουμένου καὶ τὴν ἀναθεώρησιν τῆς δίκης ὑπὸ τοῦ ἀναθεωρητικοῦ στρατοδικείου, ἐγένετο χθὲς καὶ πάλιν ἡ δίκη τοῦ εὐζώνου Σαραντοπούλου ἐν τῷ Β' Στρατοδικείῳ. Συνήγοροι τοῦ κατηγορουμένου ἦσαν οἱ κκ. Τσάτσος, Καλιόπουλος καὶ ὁ βουλευτὴς κ. Ραζέλος οἵτινες ἠγόρευσαν εὐγλώττως ὑπὲρ τῆς ἀθωώσεως αὐτοῦ. Οἱ στρατοδίκαι διασκεφθέντες περιώρισαν τὴν ποινὴν τῶν 16 ἐτῶν προσκαίρων δεσμῶν εἰς ἓξ μηνῶν φυλάκισιν.

Η ΣΠΟΓΓΑΛΙΕΙΑ ΕΝ ΤΟΥΡΚΙΑ
Ἡ χρησιμότης τῶν σκαφάνδρων

Κατὰ τὰς τουρκικὰς ἐφημερίδας, ἡ διευθύνσις τοῦ δημοσίου χρέους δι' ἐκθέσεως αὐτῆς ἐπιμένει λέγουσα ὅτι ἡ διὰ σκαφάνδρων σπογγαλιεία εἶνε ἐπωφελεστέρα εἰς τὸ δημόσιον ταμεῖον. Τὸ συμβούλιον τοῦ ὑπουργείου τῶν οἰκονομικῶν ἐπελήφθη τῆς ἐξετάσεως τῆς ἐκθέσεως ταύτης· ὡς ἐγνώσθη δὲ πρὸ μικροῦ ἡ ἀποφανθῇ ἐπιτοπίως ἐξήτησε παρὰ τῶν νομαρχῶν Βερνούτ καὶ τοῦ νομοῦ τῶν νήσων τοῦ Αἰγαίου πελάγους λεπτομερῆ ἔκθεσιν, ὅπως ἀποφανθῇ ἐπὶ τοῦ ζητήματος ὅπως τὸ δυνατὸν πλέον ἐπιστημονικῶν μέσων εἶνε ὠφελιμώτερον εἰς τὸ δημόσιον ταμεῖον καὶ τοὺς κατοίκους.

ΕΞ ΑΡΓΟΥΣ
Εὐλογία. — Προσεβλήθησαν δύο. — Ὁ εἷς ἀπεβίωσε. — Καὶ ἕνας τραυματισμός.

Καθὰ ἐπιστέλλει ὁ ἐξ Ἄργους ἡμέτερος ἀνταποκριτής, ἡ νόσος εὐλογία ἀνεφάνη καὶ ἐν Ἄργει, προσεβλήθησαν δὲ ἐξ αὐτῆς δύο πρόσωπα ἐξ ὧν τὸ ἓν ἀπεβίωσε. Τὸ κακὸν δὲ φόβος εἶνε μήπως ἐπεκταθῇ, διότι ἡ ἀστυνομία δὲν προέβη εἰς αὐστηρὰν τῶν νοσούντων ἀπομόνωσιν, ἀλλ' ἐπετράπησαν αἱ ἐπισκέψεις φίλων καὶ συγγενῶν πρὸς τοὺς ἀσθενεῖς καὶ μένωσιν εἰς τὰς οἰκίας των ἄνευ ἄλλης προφυλάξεως. Σήμερον ὅτι εἰς τὰς οἰκίας αὐτὰς κεῖνται εἰς τὸ κεντρικώτερον μέρος τῆς πόλεως μέρος.

Κατὰ τὸν αὐτὸν ἀνταποκριτὴν χθὲς εἰς τὸ Ἄργος ἐπὶ τῇ κρίσει τῆς τιμῆς του ὁ Ἀντώνιος Ἀλήκουλας ἐτραυμάτισε θανασίμως κατὰ τὸν λαιμὸν διὰ πελωρίας ἀμφιστόμου μαχαίρας τὸν Γεώρ. Μπέκαν. Ὁ δράστης συλληφθεὶς ἀπεστάλη εἰς τὸν εἰσαγγελέα.

ΕΦΗΜ. ΤΗΣ ΚΥΒΕΡΝΗΣΕΩΣ
Παρασημοφορίαι. — Μεταθέσεις Γραμματέων εἰρηνοδικείων, Ἐργοδηγῶν καὶ Τηλεγραφητῶν

Ἀνεγνωρίσθη ὡς Γεν. Πρόξενος τῆς Αὐστρογγαρίας ἐν Ἀθήναις ὁ κ. Henri Holzinger de Weidrich. Ἀπενεμήθη ὁ ἀργυροῦς Σταυρὸς τοῦ Σωτῆρος εἰς τοὺς κ. κ. Εὐστ. Φινόπουλον, Ν. Φινόπουλον Ν. Κοτσώνην, Δημ. Πουρῆν καὶ Γεώρ. Σημίτην, βιομηχάνους ἐν Πειραιεῖ, Π. Βασιλὴν πρόεδρον Δημ. Συμβουλίου Ἀκαιωτῶν, καὶ Θ. Γρυπάρην, πρώην Δημάρχον.

Διωρίσθη γραμματεὺς τοῦ εἰρηνοδικείου Ἀμοργοῦ ὁ Π. Κουτουμάνος, ἀντὶ τοῦ Γρ. Κωστοπούλου, μετατεθέντος εἰς τὸ εἰρηνοδικεῖον Καστορίου ἀντὶ τοῦ Κιμ. Κλάππα, μετατεθέντος εἰς τὸ εἰρηνοδικεῖον Μιστρᾶ ἀντὶ τοῦ Ἀθ. Ἀντωνοπούλου, μετατεθέντος εἰς τὸ εἰρηνοδικεῖον Τριπόλεως τῆς νοτίου πλευρᾶς ἀντὶ τοῦ Γ. Παπαθέου, ἀπολυθέντος.
